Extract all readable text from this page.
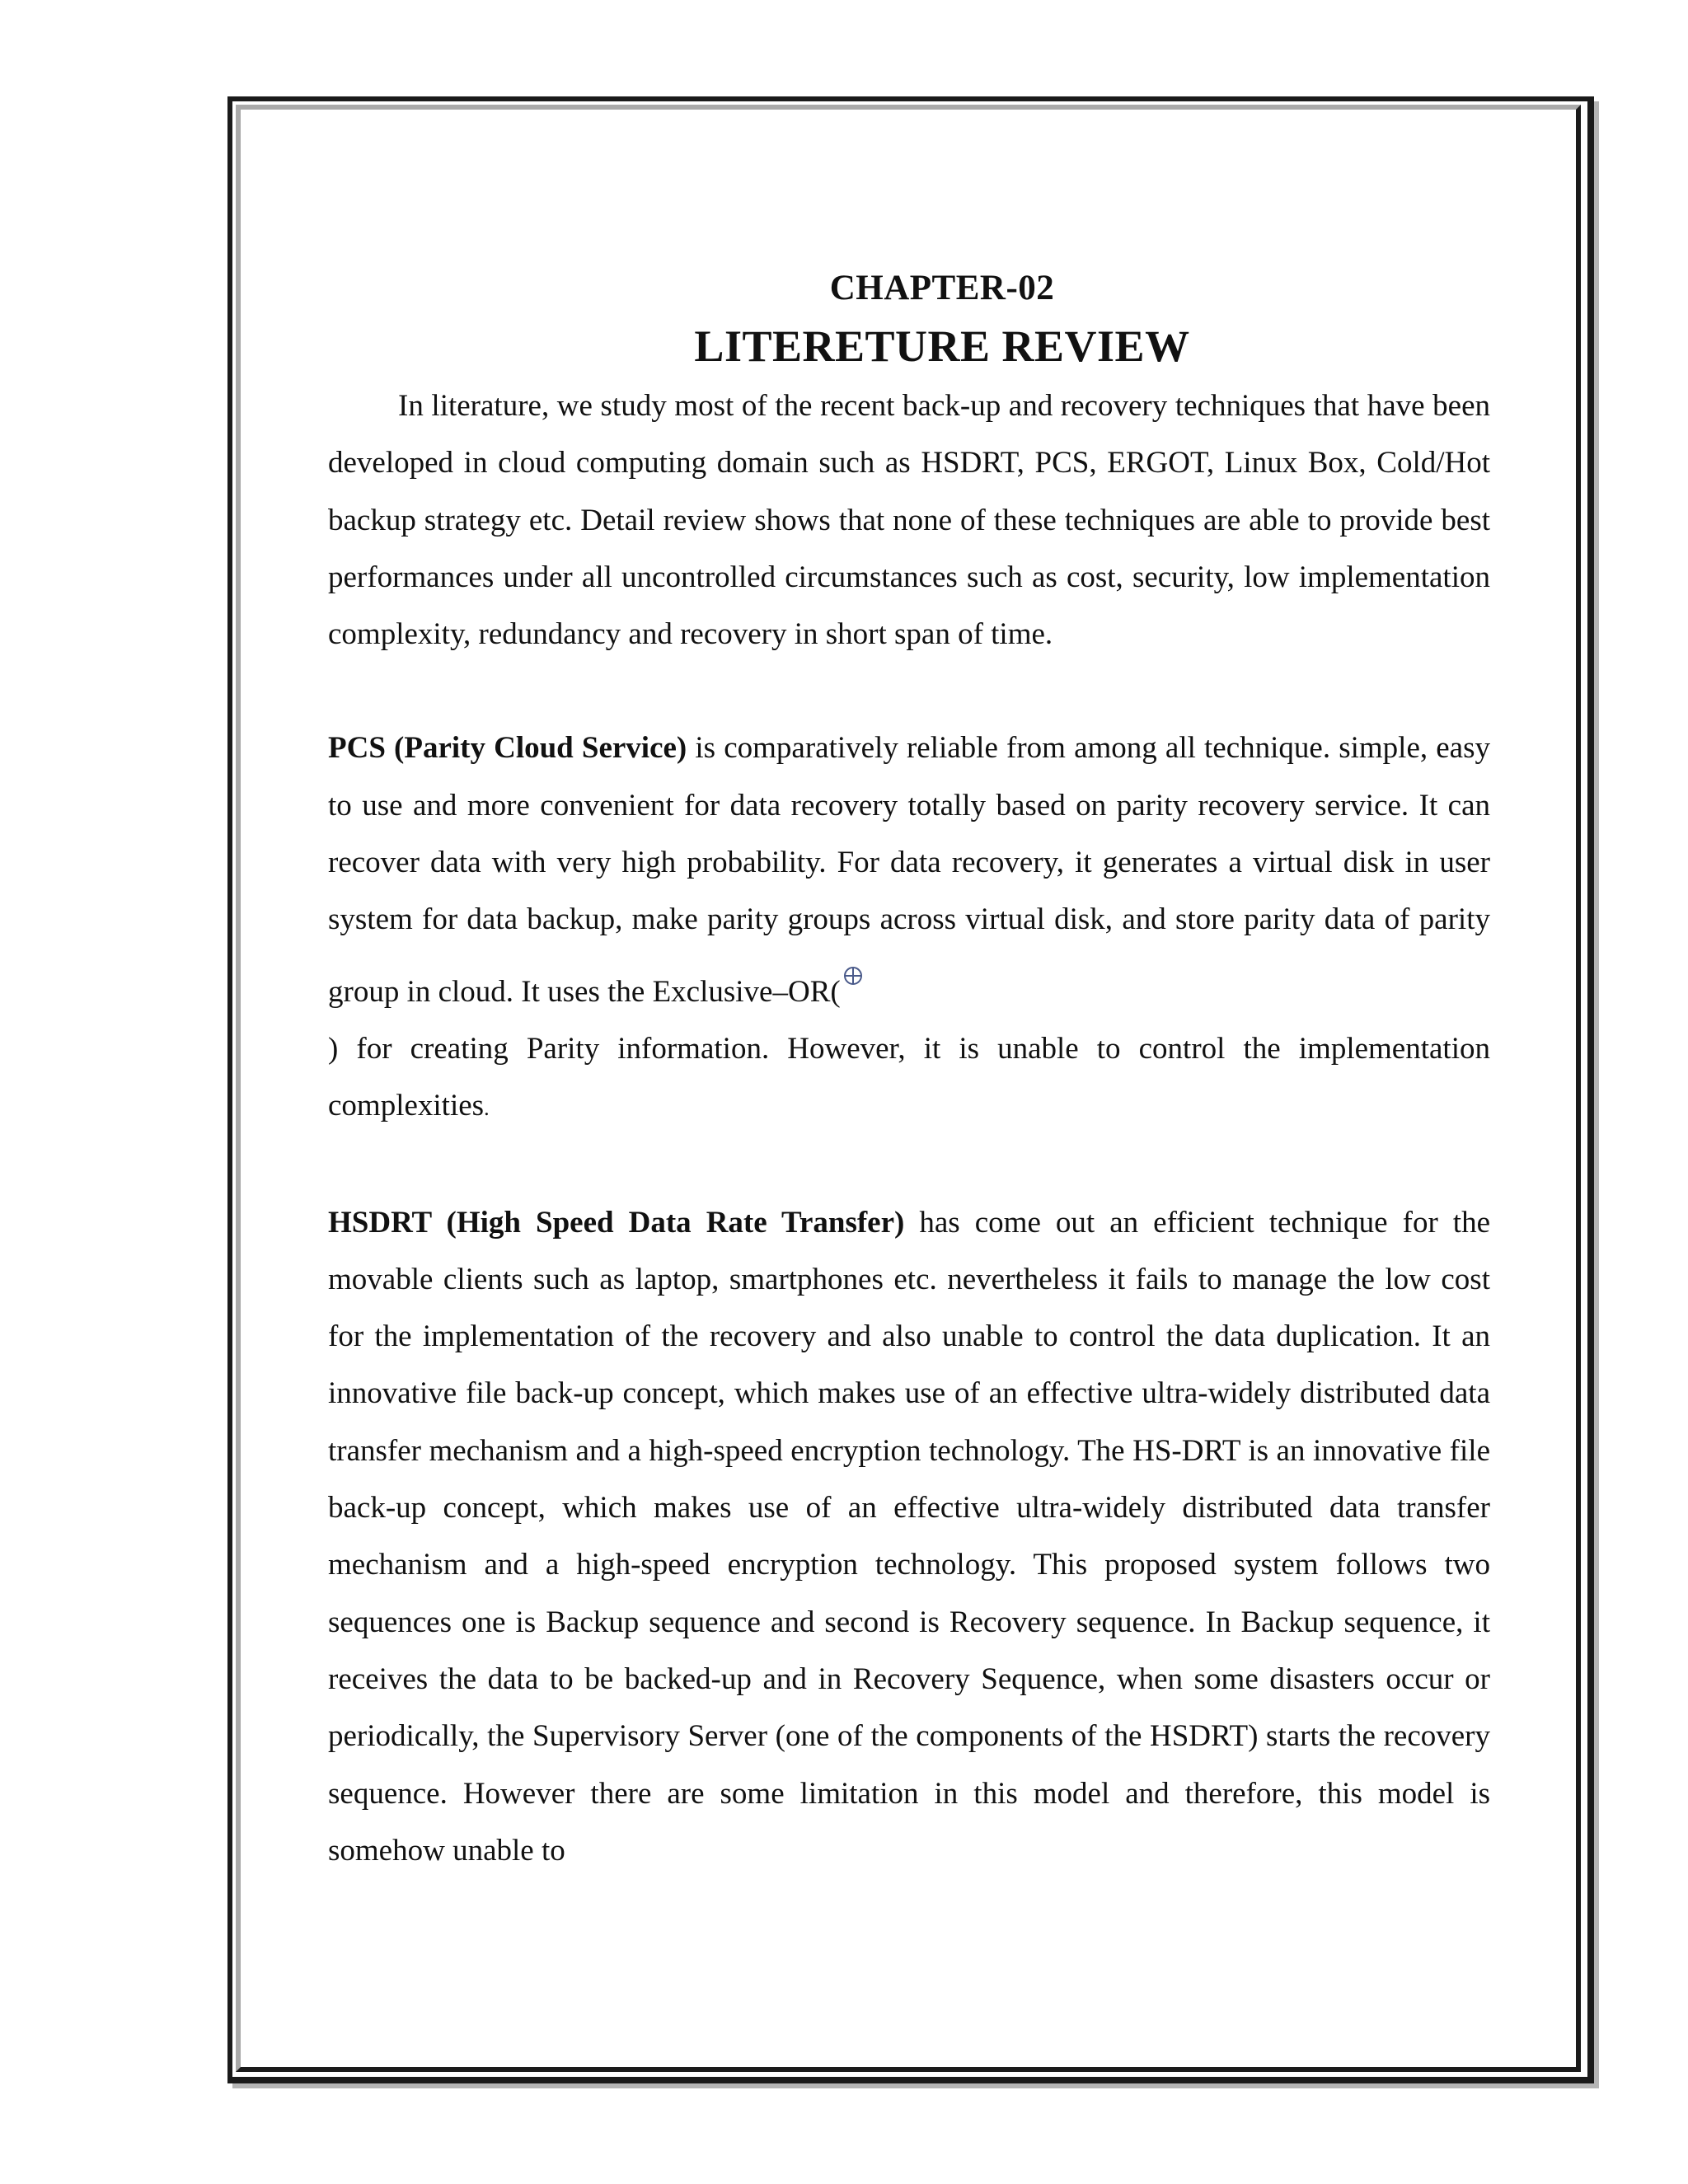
CHAPTER-02
LITERETURE REVIEW

In literature, we study most of the recent back-up and recovery techniques that have been developed in cloud computing domain such as HSDRT, PCS, ERGOT, Linux Box, Cold/Hot backup strategy etc. Detail review shows that none of these techniques are able to provide best performances under all uncontrolled circumstances such as cost, security, low implementation complexity, redundancy and recovery in short span of time.

PCS (Parity Cloud Service) is comparatively reliable from among all technique. simple, easy to use and more convenient for data recovery totally based on parity recovery service. It can recover data with very high probability. For data recovery, it generates a virtual disk in user system for data backup, make parity groups across virtual disk, and store parity data of parity group in cloud. It uses the Exclusive–OR(
) for creating Parity information. However, it is unable to control the implementation complexities.

HSDRT (High Speed Data Rate Transfer) has come out an efficient technique for the movable clients such as laptop, smartphones etc. nevertheless it fails to manage the low cost for the implementation of the recovery and also unable to control the data duplication. It an innovative file back-up concept, which makes use of an effective ultra-widely distributed data transfer mechanism and a high-speed encryption technology. The HS-DRT is an innovative file back-up concept, which makes use of an effective ultra-widely distributed data transfer mechanism and a high-speed encryption technology. This proposed system follows two sequences one is Backup sequence and second is Recovery sequence. In Backup sequence, it receives the data to be backed-up and in Recovery Sequence, when some disasters occur or periodically, the Supervisory Server (one of the components of the HSDRT) starts the recovery sequence. However there are some limitation in this model and therefore, this model is somehow unable to
